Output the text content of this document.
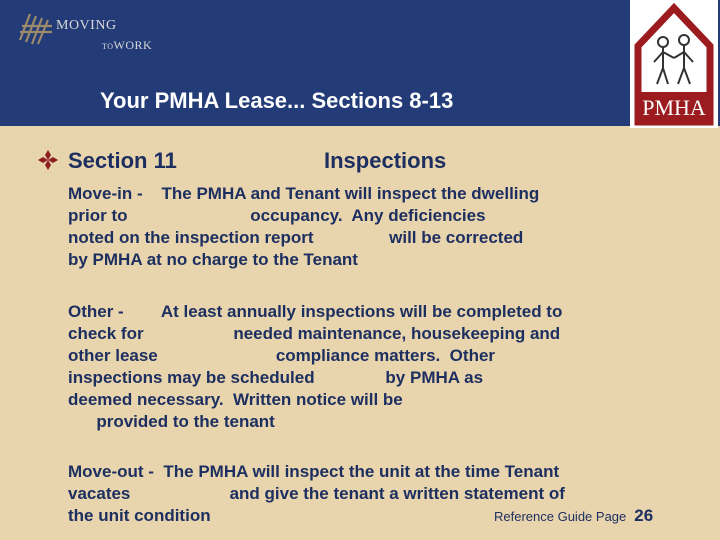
MOVING
TOWORK
Your PMHA Lease... Sections 8-13	PMHA
Section 11	Inspections
Move-in -    The PMHA and Tenant will inspect the dwelling
prior to                          occupancy.  Any deficiencies
noted on the inspection report                will be corrected
by PMHA at no charge to the Tenant
Other -        At least annually inspections will be completed to
check for                   needed maintenance, housekeeping and
other lease                         compliance matters.  Other
inspections may be scheduled               by PMHA as
deemed necessary.  Written notice will be
provided to the tenant
Move-out -  The PMHA will inspect the unit at the time Tenant
vacates                     and give the tenant a written statement of
the unit condition	Reference Guide Page 26
